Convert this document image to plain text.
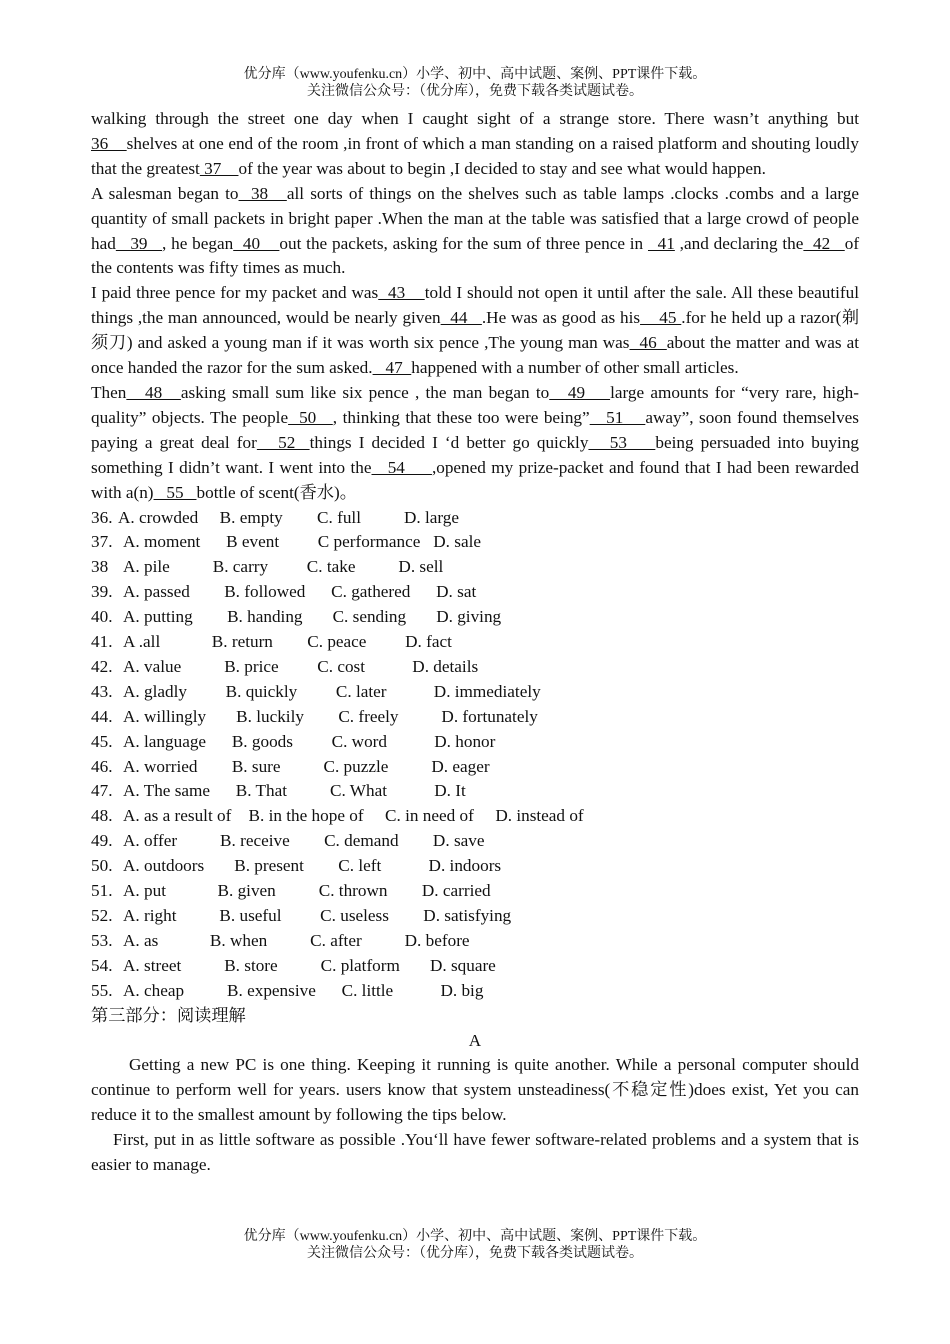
优分库（www.youfenku.cn）小学、初中、高中试题、案例、PPT课件下载。
关注微信公众号：（优分库），免费下载各类试题试卷。
walking through the street one day when I caught sight of a strange store. There wasn’t anything but 36    shelves at one end of the room ,in front of which a man standing on a raised platform and shouting loudly that the greatest 37    of the year was about to begin ,I decided to stay and see what would happen.
A salesman began to  38   all sorts of things on the shelves such as table lamps .clocks .combs and a large quantity of small packets in bright paper .When the man at the table was satisfied that a large crowd of people had   39   , he began  40    out the packets, asking for the sum of three pence in   41 ,and declaring the  42   of the contents was fifty times as much.
I paid three pence for my packet and was  43    told I should not open it until after the sale. All these beautiful things ,the man announced, would be nearly given  44   .He was as good as his    45 .for he held up a razor(剃须刀) and asked a young man if it was worth six pence ,The young man was  46  about the matter and was at once handed the razor for the sum asked.   47  happened with a number of other small articles.
Then   48   asking small sum like six pence , the man began to   49    large amounts for “very rare, high-quality” objects. The people  50   , thinking that these too were being”   51    away”, soon found themselves paying a great deal for   52  things I decided I ‘d better go quickly   53    being persuaded into buying something I didn’t want. I went into the   54     ,opened my prize-packet and found that I had been rewarded with a(n)   55   bottle of scent(香水)。
36. A. crowded     B. empty        C. full          D. large
37. A. moment      B event         C performance   D. sale
38 A. pile          B. carry         C. take          D. sell
39. A. passed        B. followed      C. gathered      D. sat
40. A. putting        B. handing       C. sending       D. giving
41. A .all            B. return        C. peace         D. fact
42. A. value          B. price         C. cost           D. details
43. A. gladly         B. quickly         C. later           D. immediately
44. A. willingly       B. luckily        C. freely          D. fortunately
45. A. language      B. goods         C. word           D. honor
46. A. worried        B. sure          C. puzzle          D. eager
47. A. The same      B. That          C. What           D. It
48. A. as a result of    B. in the hope of     C. in need of     D. instead of
49. A. offer          B. receive        C. demand        D. save
50. A. outdoors       B. present        C. left           D. indoors
51. A. put            B. given          C. thrown        D. carried
52. A. right          B. useful         C. useless        D. satisfying
53. A. as            B. when          C. after          D. before
54. A. street          B. store          C. platform       D. square
55. A. cheap          B. expensive      C. little           D. big
第三部分：阅读理解
A
Getting a new PC is one thing. Keeping it running is quite another. While a personal computer should continue to perform well for years. users know that system unsteadiness(不稳定性)does exist, Yet you can reduce it to the smallest amount by following the tips below.
First, put in as little software as possible .You‘ll have fewer software-related problems and a system that is easier to manage.
优分库（www.youfenku.cn）小学、初中、高中试题、案例、PPT课件下载。
关注微信公众号：（优分库），免费下载各类试题试卷。
